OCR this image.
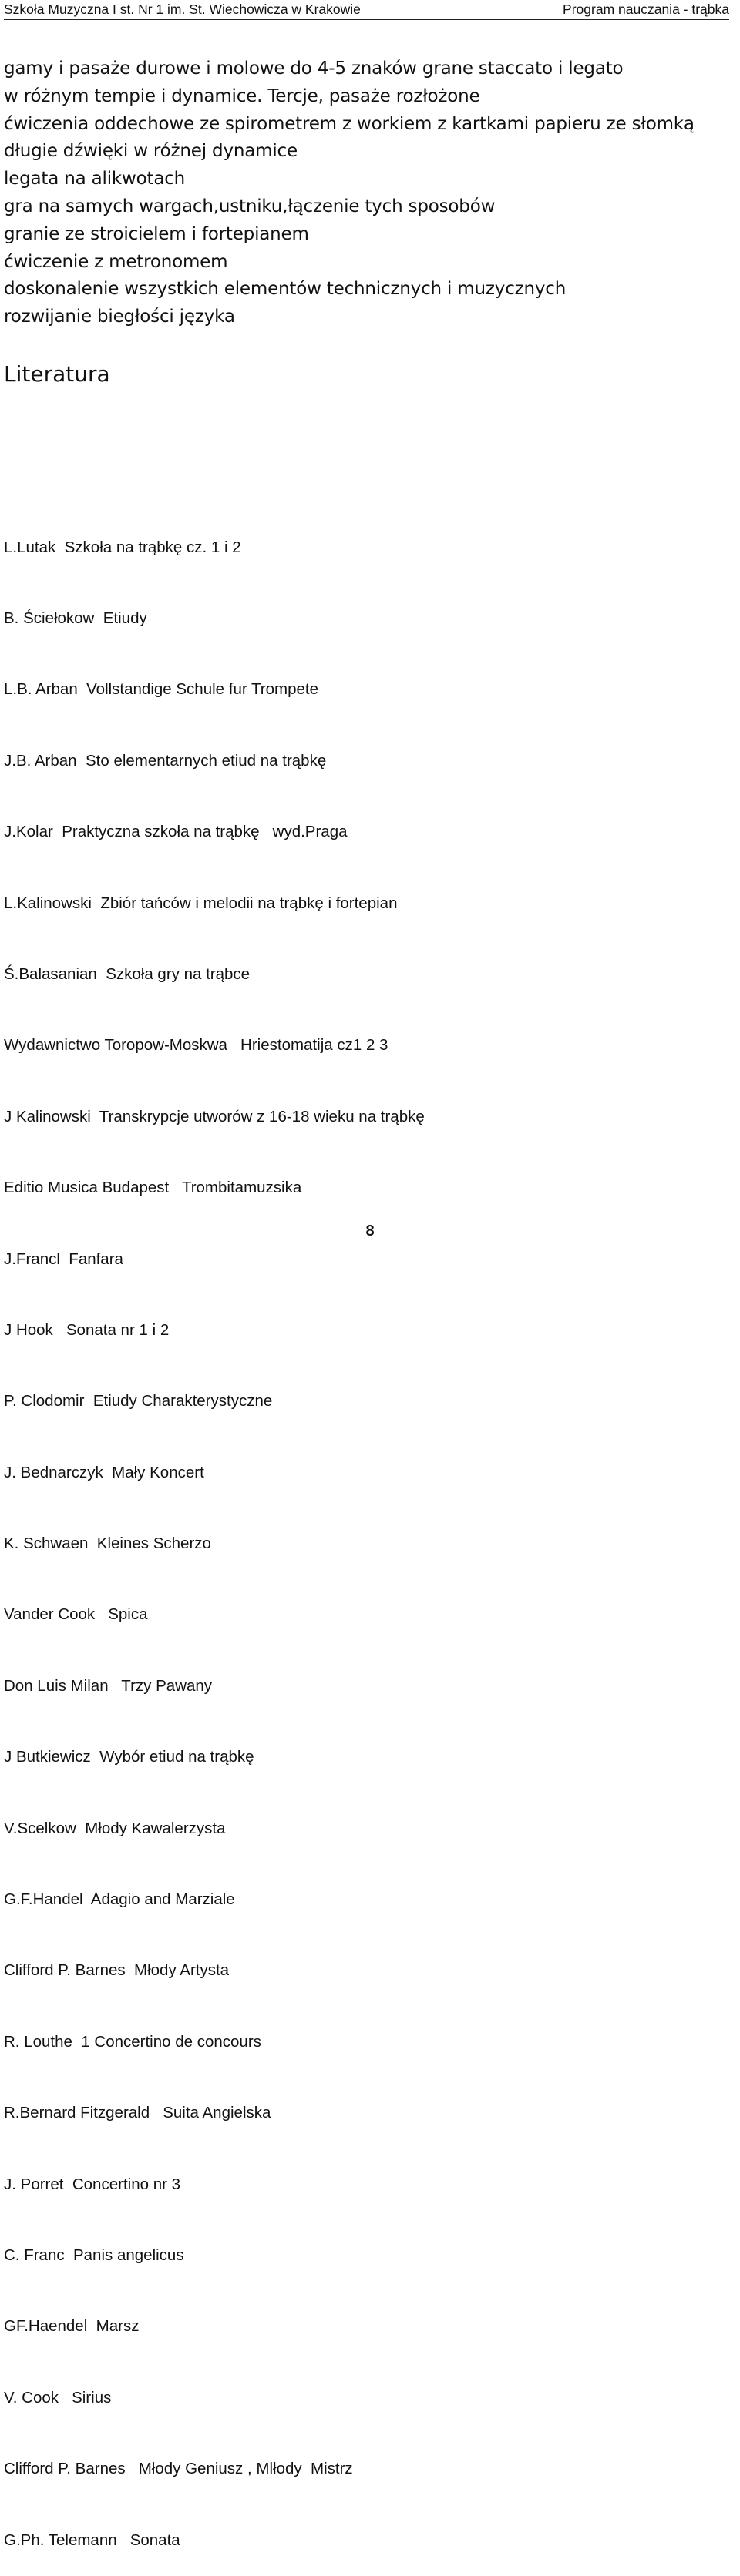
Szkoła Muzyczna I st. Nr 1 im. St. Wiechowicza w Krakowie	Program nauczania - trąbka
gamy i pasaże durowe i molowe do 4-5 znaków grane staccato i legato
w różnym tempie i dynamice. Tercje, pasaże rozłożone
ćwiczenia oddechowe ze spirometrem z workiem z kartkami papieru ze słomką
długie dźwięki w różnej dynamice
legata na alikwotach
gra na samych wargach,ustniku,łączenie tych sposobów
granie ze stroicielem i fortepianem
ćwiczenie z metronomem
doskonalenie wszystkich elementów technicznych i muzycznych
rozwijanie biegłości języka
Literatura

L.Lutak  Szkoła na trąbkę cz. 1 i 2

B. Ściełokow  Etiudy

L.B. Arban  Vollstandige Schule fur Trompete

J.B. Arban  Sto elementarnych etiud na trąbkę

J.Kolar  Praktyczna szkoła na trąbkę   wyd.Praga

L.Kalinowski  Zbiór tańców i melodii na trąbkę i fortepian

Ś.Balasanian  Szkoła gry na trąbce

Wydawnictwo Toropow-Moskwa   Hriestomatija cz1 2 3

J Kalinowski  Transkrypcje utworów z 16-18 wieku na trąbkę

Editio Musica Budapest   Trombitamuzsika

J.Francl  Fanfara

J Hook   Sonata nr 1 i 2

P. Clodomir  Etiudy Charakterystyczne

J. Bednarczyk  Mały Koncert

K. Schwaen  Kleines Scherzo

Vander Cook   Spica

Don Luis Milan   Trzy Pawany

J Butkiewicz  Wybór etiud na trąbkę

V.Scelkow  Młody Kawalerzysta

G.F.Handel  Adagio and Marziale

Clifford P. Barnes  Młody Artysta

R. Louthe  1 Concertino de concours

R.Bernard Fitzgerald   Suita Angielska

J. Porret  Concertino nr 3

C. Franc  Panis angelicus

GF.Haendel  Marsz

V. Cook   Sirius

Clifford P. Barnes   Młody Geniusz , Mlłody  Mistrz

G.Ph. Telemann   Sonata

8
